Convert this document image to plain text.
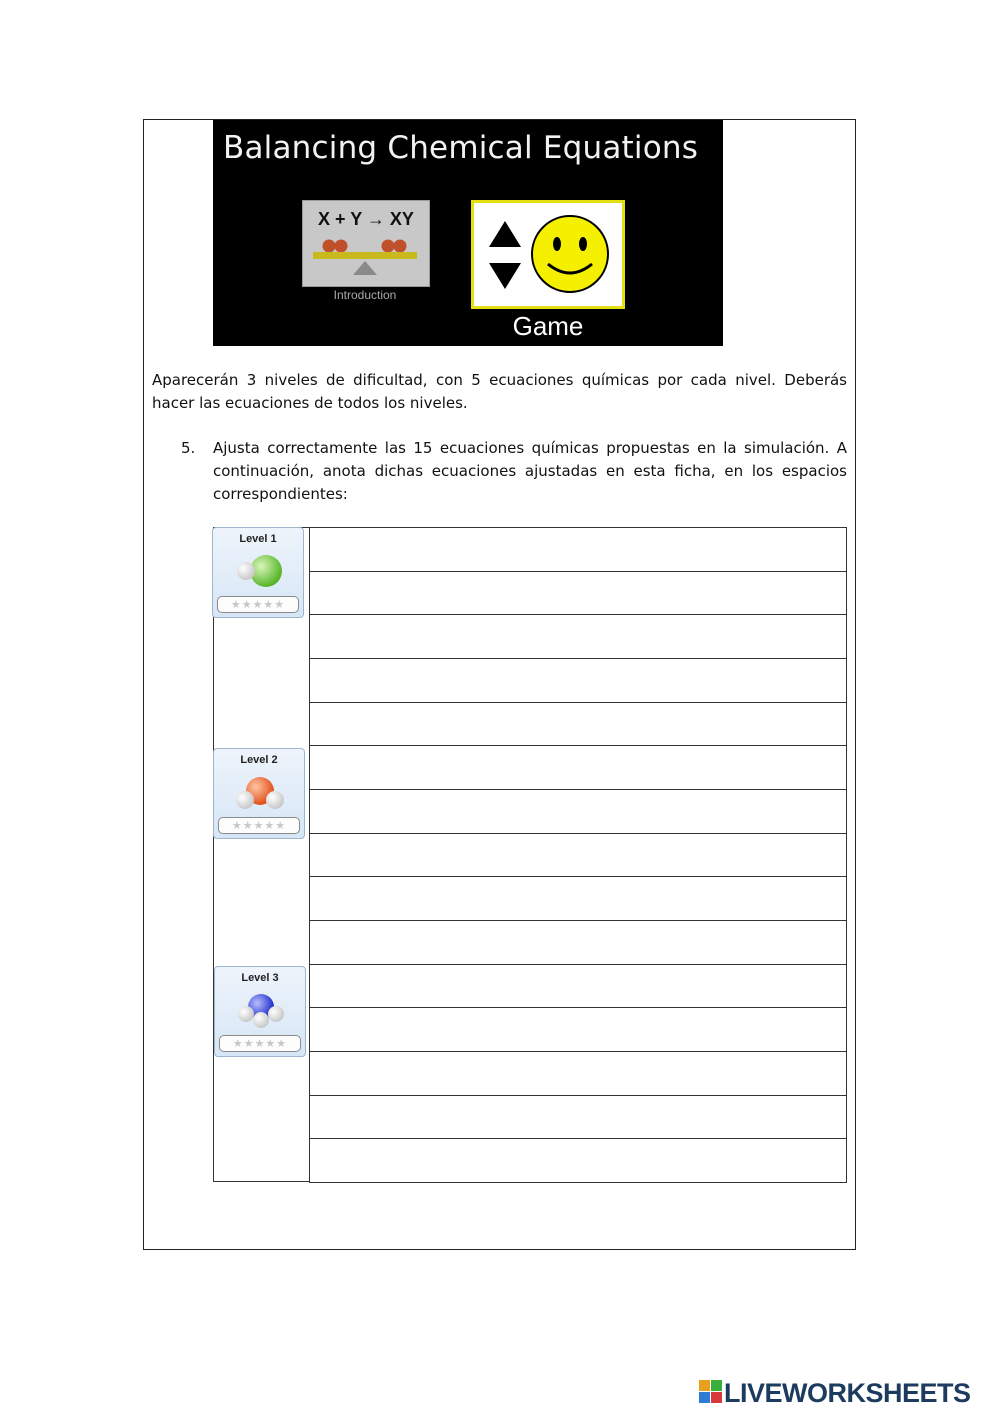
Balancing Chemical Equations
X + Y → XY
Introduction
Game
Aparecerán 3 niveles de dificultad, con 5 ecuaciones químicas por cada nivel. Deberás hacer las ecuaciones de todos los niveles.
5. Ajusta correctamente las 15 ecuaciones químicas propuestas en la simulación. A continuación, anota dichas ecuaciones ajustadas en esta ficha, en los espacios correspondientes:
Level 1
★★★★★
Level 2
★★★★★
Level 3
★★★★★
LIVEWORKSHEETS
